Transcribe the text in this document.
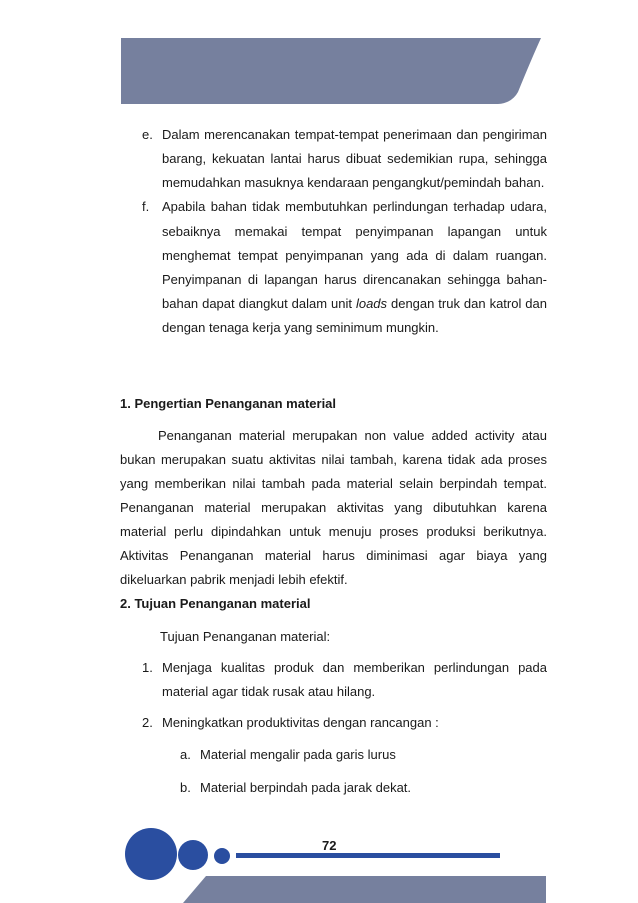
e. Dalam merencanakan tempat-tempat penerimaan dan pengiriman
barang, kekuatan lantai harus dibuat sedemikian rupa, sehingga
memudahkan masuknya kendaraan pengangkut/pemindah bahan.
f. Apabila bahan tidak membutuhkan perlindungan terhadap udara,
sebaiknya memakai tempat penyimpanan lapangan untuk
menghemat tempat penyimpanan yang ada di dalam ruangan.
Penyimpanan di lapangan harus direncanakan sehingga bahan-
bahan dapat diangkut dalam unit loads dengan truk dan katrol dan
dengan tenaga kerja yang seminimum mungkin.
1. Pengertian Penanganan material
Penanganan material merupakan non value added activity atau
bukan merupakan suatu aktivitas nilai tambah, karena tidak ada proses
yang memberikan nilai tambah pada material selain berpindah tempat.
Penanganan material merupakan aktivitas yang dibutuhkan karena
material perlu dipindahkan untuk menuju proses produksi berikutnya.
Aktivitas Penanganan material harus diminimasi agar biaya yang
dikeluarkan pabrik menjadi lebih efektif.
2. Tujuan Penanganan material
Tujuan Penanganan material:
1. Menjaga kualitas produk dan memberikan perlindungan pada
material agar tidak rusak atau hilang.
2. Meningkatkan produktivitas dengan rancangan :
a. Material mengalir pada garis lurus
b. Material berpindah pada jarak dekat.
72
